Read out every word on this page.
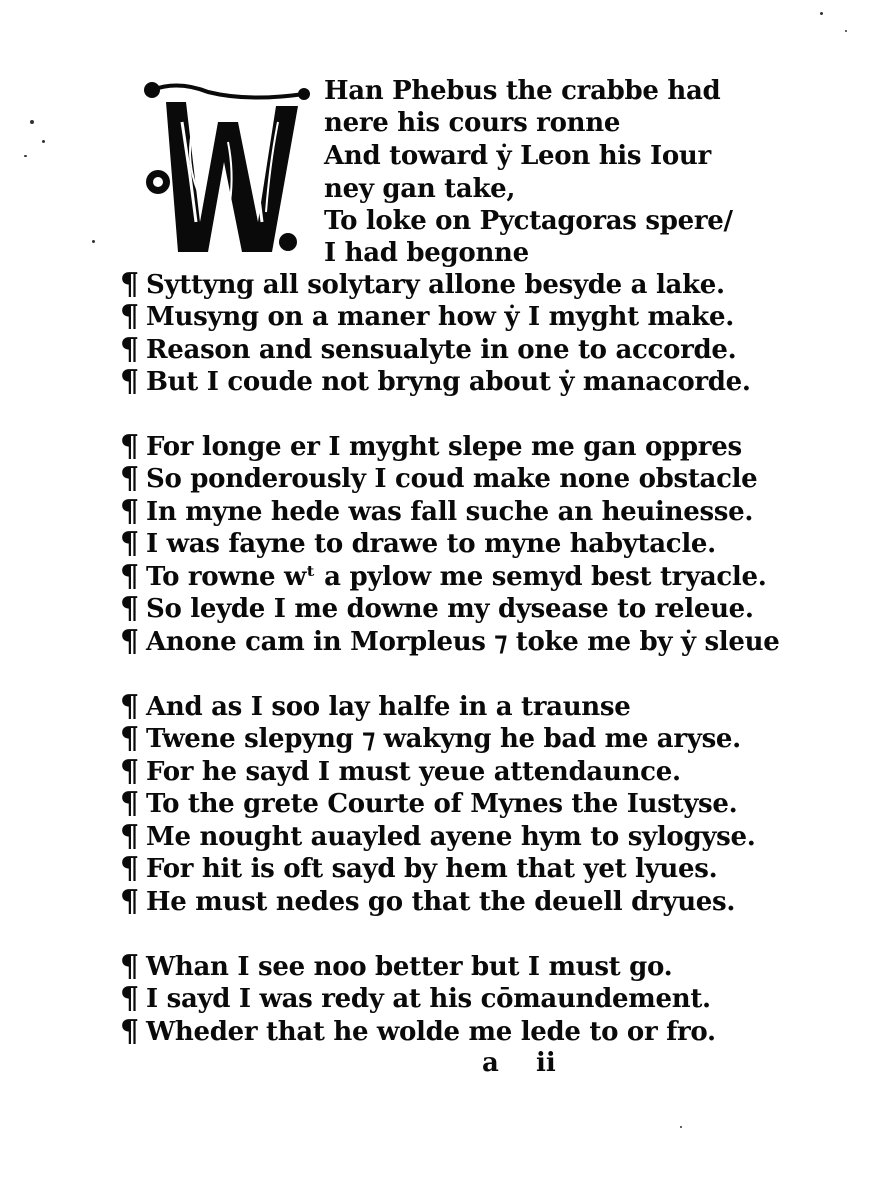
Han Phebus the crabbe had
nere his cours ronne
And toward ẏ Leon his Iour
ney gan take,
To loke on Pyctagoras spere/
I had begonne
¶ Syttyng all solytary allone besyde a lake.
¶ Musyng on a maner how ẏ I myght make.
¶ Reason and sensualyte in one to accorde.
¶ But I coude not bryng about ẏ manacorde.
¶ For longe er I myght slepe me gan oppres
¶ So ponderously I coud make none obstacle
¶ In myne hede was fall suche an heuinesse.
¶ I was fayne to drawe to myne habytacle.
¶ To rowne wᵗ a pylow me semyd best tryacle.
¶ So leyde I me downe my dysease to releue.
¶ Anone cam in Morpleus ⁊ toke me by ẏ sleue
¶ And as I soo lay halfe in a traunse
¶ Twene slepyng ⁊ wakyng he bad me aryse.
¶ For he sayd I must yeue attendaunce.
¶ To the grete Courte of Mynes the Iustyse.
¶ Me nought auayled ayene hym to sylogyse.
¶ For hit is oft sayd by hem that yet lyues.
¶ He must nedes go that the deuell dryues.
¶ Whan I see noo better but I must go.
¶ I sayd I was redy at his cōmaundement.
¶ Wheder that he wolde me lede to or fro.
a ii
